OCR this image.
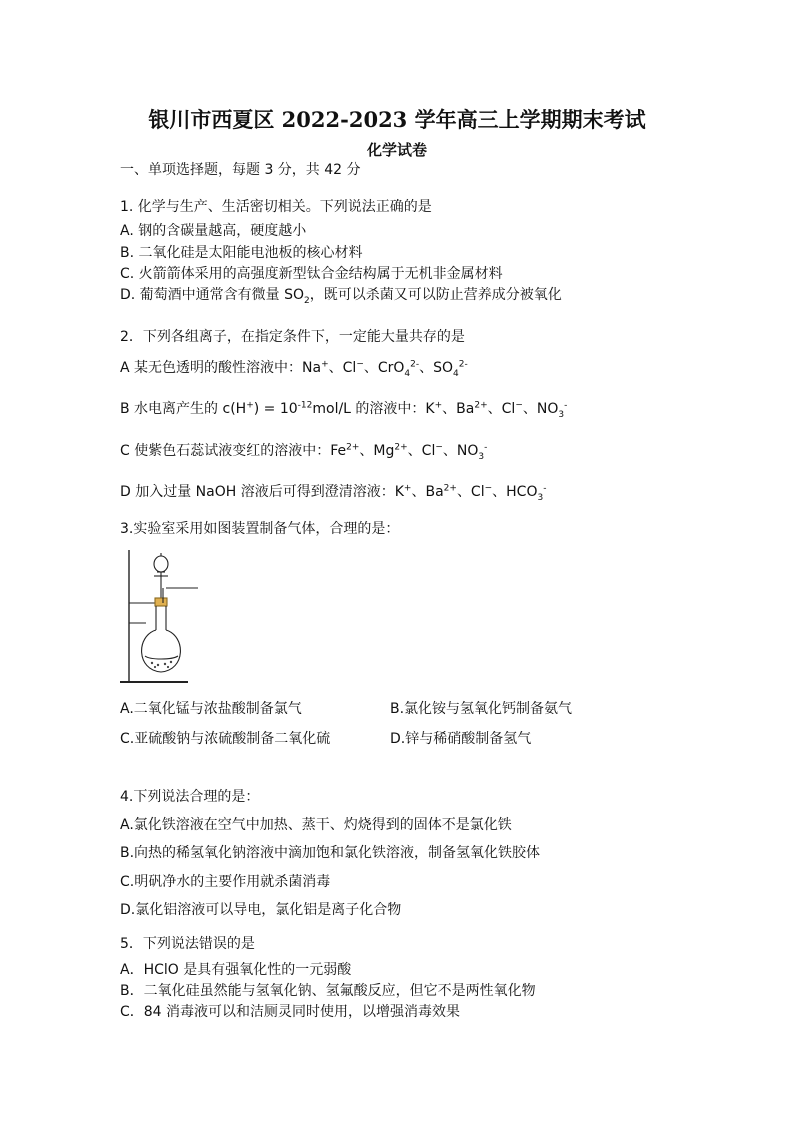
银川市西夏区 2022-2023 学年高三上学期期末考试
化学试卷
一、单项选择题，每题 3 分，共 42 分
1. 化学与生产、生活密切相关。下列说法正确的是
A. 钢的含碳量越高，硬度越小
B. 二氧化硅是太阳能电池板的核心材料
C. 火箭箭体采用的高强度新型钛合金结构属于无机非金属材料
D. 葡萄酒中通常含有微量 $SO_2$，既可以杀菌又可以防止营养成分被氧化
2．下列各组离子，在指定条件下，一定能大量共存的是
A 某无色透明的酸性溶液中：Na+、Cl−、CrO$_4^{2-}$、$SO_4^{2-}$
B 水电离产生的 $c(H^+) = 10^{-12}mol/L$ 的溶液中：K+、$Ba^{2+}$、Cl−、$NO_3^-$
C 使紫色石蕊试液变红的溶液中：$Fe^{2+}$、$Mg^{2+}$、Cl−、$NO_3^-$
D 加入过量 NaOH 溶液后可得到澄清溶液：K+、$Ba^{2+}$、Cl−、$HCO_3^-$
3.实验室采用如图装置制备气体，合理的是：
A.二氧化锰与浓盐酸制备氯气	B.氯化铵与氢氧化钙制备氨气
C.亚硫酸钠与浓硫酸制备二氧化硫	D.锌与稀硝酸制备氢气
4.下列说法合理的是：
A.氯化铁溶液在空气中加热、蒸干、灼烧得到的固体不是氯化铁
B.向热的稀氢氧化钠溶液中滴加饱和氯化铁溶液，制备氢氧化铁胶体
C.明矾净水的主要作用就杀菌消毒
D.氯化铝溶液可以导电，氯化铝是离子化合物
5．下列说法错误的是
A．HClO 是具有强氧化性的一元弱酸
B．二氧化硅虽然能与氢氧化钠、氢氟酸反应，但它不是两性氧化物
C．84 消毒液可以和洁厕灵同时使用，以增强消毒效果
